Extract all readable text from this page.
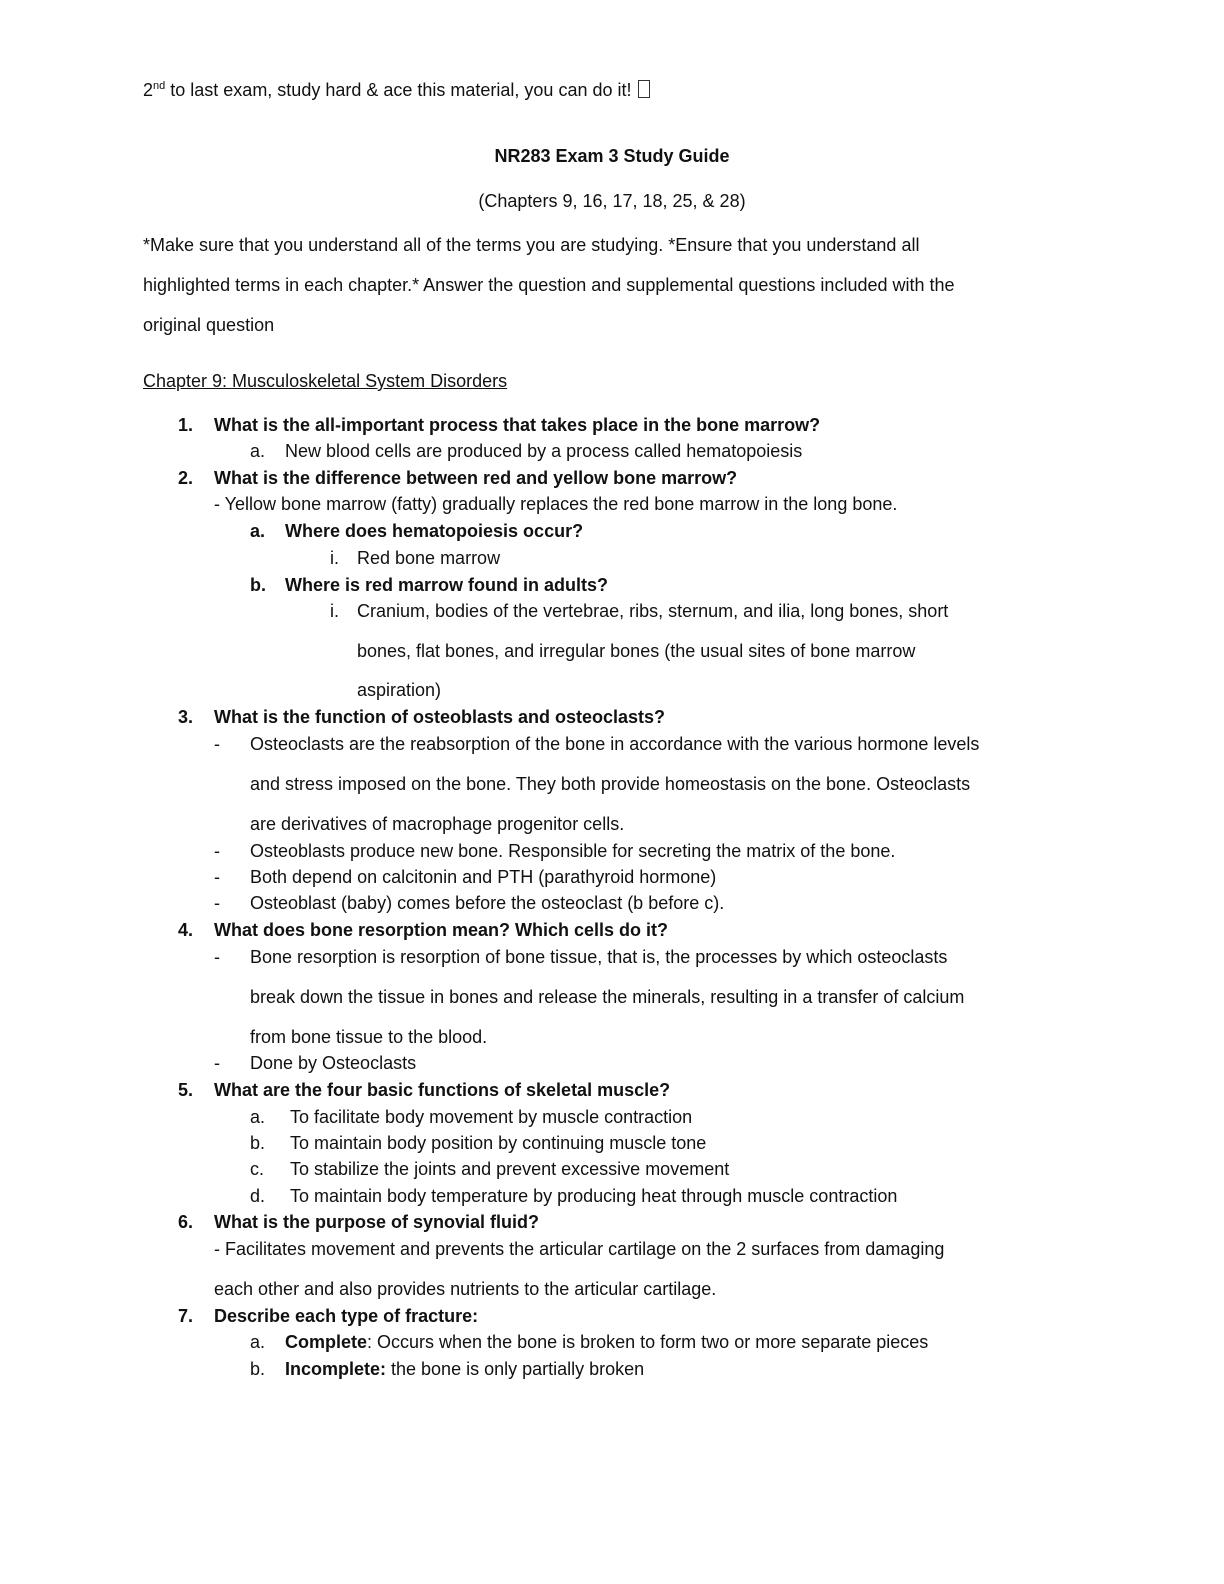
2nd to last exam, study hard & ace this material, you can do it!
NR283 Exam 3 Study Guide
(Chapters 9, 16, 17, 18, 25, & 28)
*Make sure that you understand all of the terms you are studying. *Ensure that you understand all
highlighted terms in each chapter.* Answer the question and supplemental questions included with the
original question
Chapter 9: Musculoskeletal System Disorders
1. What is the all-important process that takes place in the bone marrow?
a. New blood cells are produced by a process called hematopoiesis
2. What is the difference between red and yellow bone marrow?
- Yellow bone marrow (fatty) gradually replaces the red bone marrow in the long bone.
a. Where does hematopoiesis occur?
i. Red bone marrow
b. Where is red marrow found in adults?
i. Cranium, bodies of the vertebrae, ribs, sternum, and ilia, long bones, short
bones, flat bones, and irregular bones (the usual sites of bone marrow
aspiration)
3. What is the function of osteoblasts and osteoclasts?
- Osteoclasts are the reabsorption of the bone in accordance with the various hormone levels
and stress imposed on the bone. They both provide homeostasis on the bone. Osteoclasts
are derivatives of macrophage progenitor cells.
- Osteoblasts produce new bone. Responsible for secreting the matrix of the bone.
- Both depend on calcitonin and PTH (parathyroid hormone)
- Osteoblast (baby) comes before the osteoclast (b before c).
4. What does bone resorption mean? Which cells do it?
- Bone resorption is resorption of bone tissue, that is, the processes by which osteoclasts
break down the tissue in bones and release the minerals, resulting in a transfer of calcium
from bone tissue to the blood.
- Done by Osteoclasts
5. What are the four basic functions of skeletal muscle?
a. To facilitate body movement by muscle contraction
b. To maintain body position by continuing muscle tone
c. To stabilize the joints and prevent excessive movement
d. To maintain body temperature by producing heat through muscle contraction
6. What is the purpose of synovial fluid?
- Facilitates movement and prevents the articular cartilage on the 2 surfaces from damaging
each other and also provides nutrients to the articular cartilage.
7. Describe each type of fracture:
a. Complete: Occurs when the bone is broken to form two or more separate pieces
b. Incomplete: the bone is only partially broken
